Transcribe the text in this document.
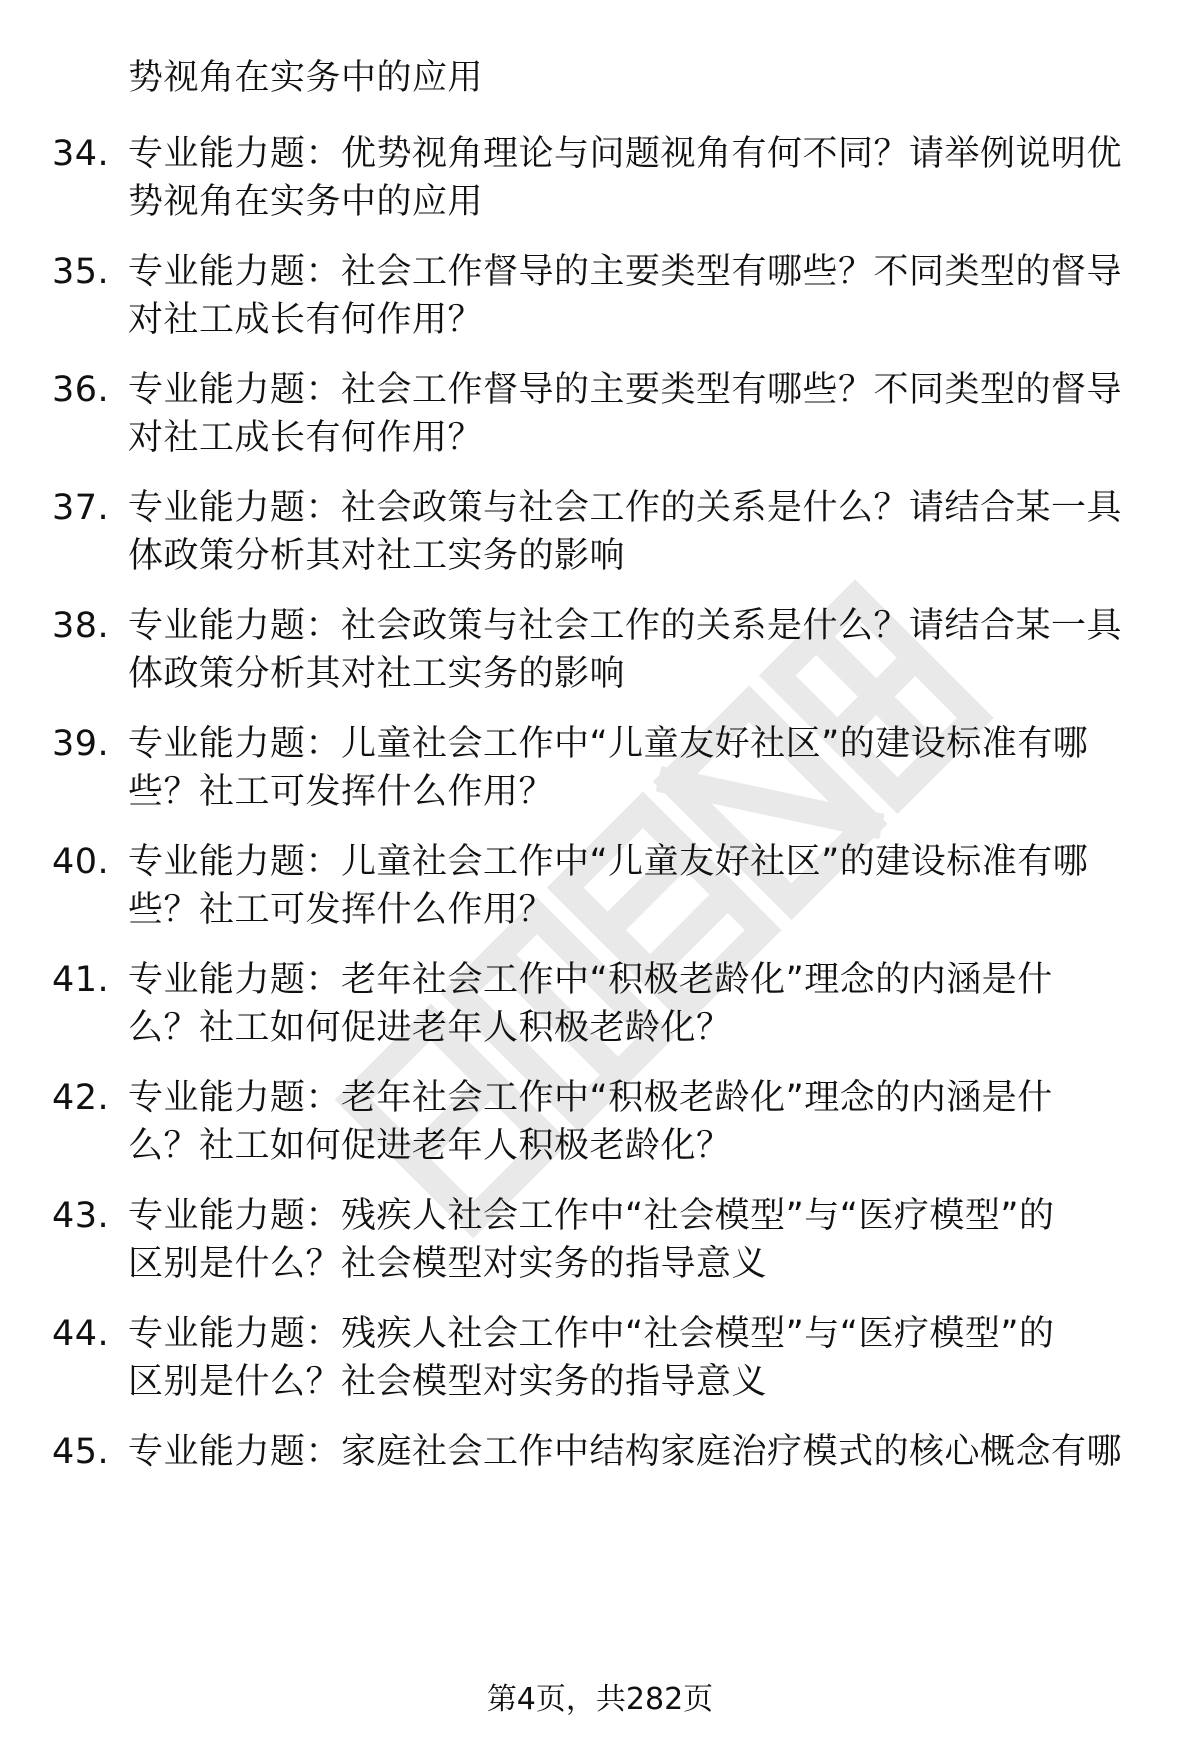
势视角在实务中的应用
34. 专业能力题：优势视角理论与问题视角有何不同？请举例说明优
势视角在实务中的应用
35. 专业能力题：社会工作督导的主要类型有哪些？不同类型的督导
对社工成长有何作用？
36. 专业能力题：社会工作督导的主要类型有哪些？不同类型的督导
对社工成长有何作用？
37. 专业能力题：社会政策与社会工作的关系是什么？请结合某一具
体政策分析其对社工实务的影响
38. 专业能力题：社会政策与社会工作的关系是什么？请结合某一具
体政策分析其对社工实务的影响
39. 专业能力题：儿童社会工作中“儿童友好社区”的建设标准有哪
些？社工可发挥什么作用？
40. 专业能力题：儿童社会工作中“儿童友好社区”的建设标准有哪
些？社工可发挥什么作用？
41. 专业能力题：老年社会工作中“积极老龄化”理念的内涵是什
么？社工如何促进老年人积极老龄化？
42. 专业能力题：老年社会工作中“积极老龄化”理念的内涵是什
么？社工如何促进老年人积极老龄化？
43. 专业能力题：残疾人社会工作中“社会模型”与“医疗模型”的
区别是什么？社会模型对实务的指导意义
44. 专业能力题：残疾人社会工作中“社会模型”与“医疗模型”的
区别是什么？社会模型对实务的指导意义
45. 专业能力题：家庭社会工作中结构家庭治疗模式的核心概念有哪
第4页，共282页
